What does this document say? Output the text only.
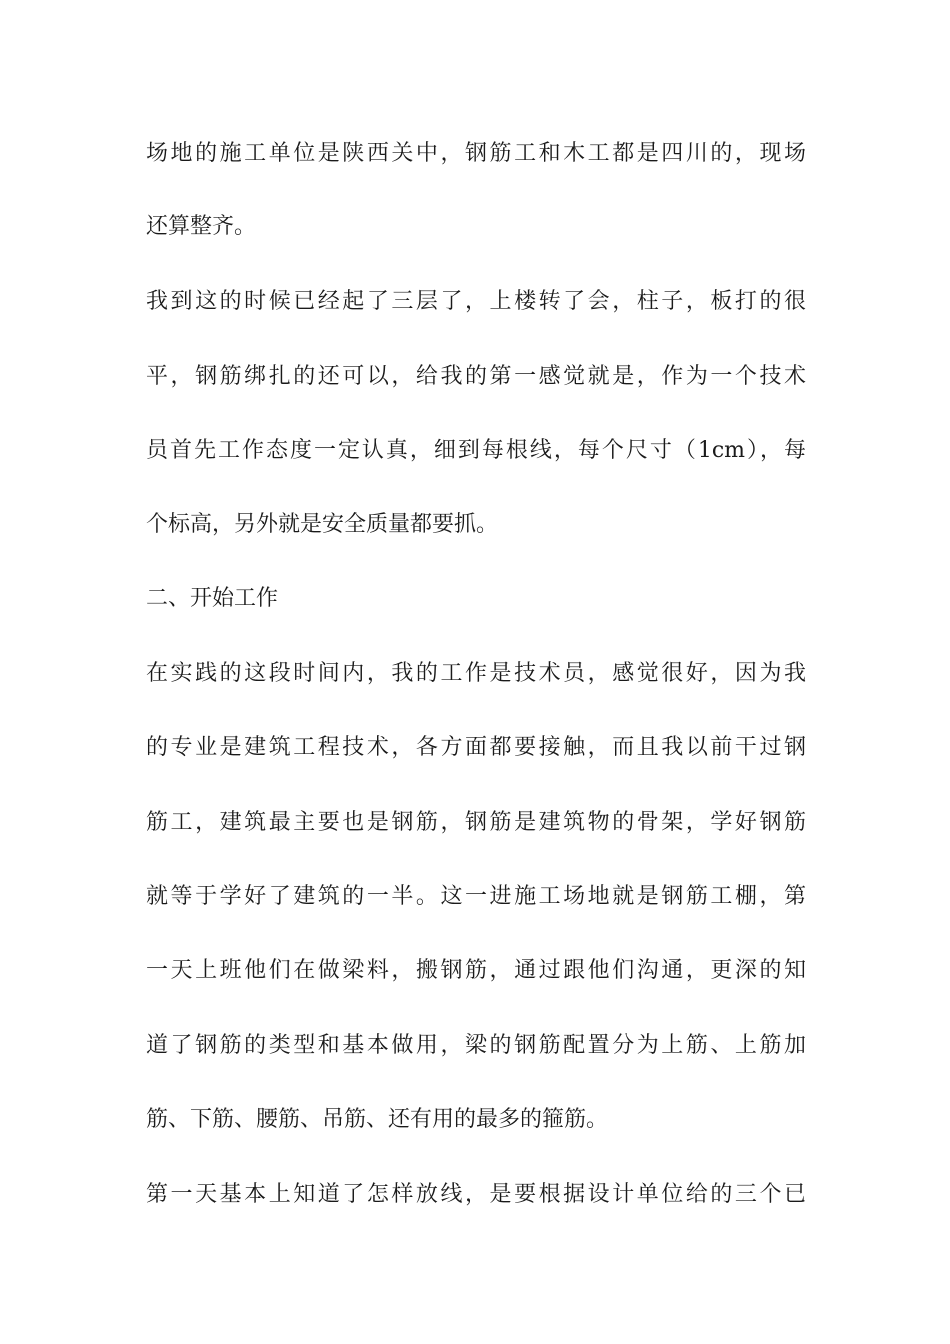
场地的施工单位是陕西关中，钢筋工和木工都是四川的，现场
还算整齐。
我到这的时候已经起了三层了，上楼转了会，柱子，板打的很
平，钢筋绑扎的还可以，给我的第一感觉就是，作为一个技术
员首先工作态度一定认真，细到每根线，每个尺寸（1cm），每
个标高，另外就是安全质量都要抓。
二、开始工作
在实践的这段时间内，我的工作是技术员，感觉很好，因为我
的专业是建筑工程技术，各方面都要接触，而且我以前干过钢
筋工，建筑最主要也是钢筋，钢筋是建筑物的骨架，学好钢筋
就等于学好了建筑的一半。这一进施工场地就是钢筋工棚，第
一天上班他们在做梁料，搬钢筋，通过跟他们沟通，更深的知
道了钢筋的类型和基本做用，梁的钢筋配置分为上筋、上筋加
筋、下筋、腰筋、吊筋、还有用的最多的箍筋。
第一天基本上知道了怎样放线，是要根据设计单位给的三个已
